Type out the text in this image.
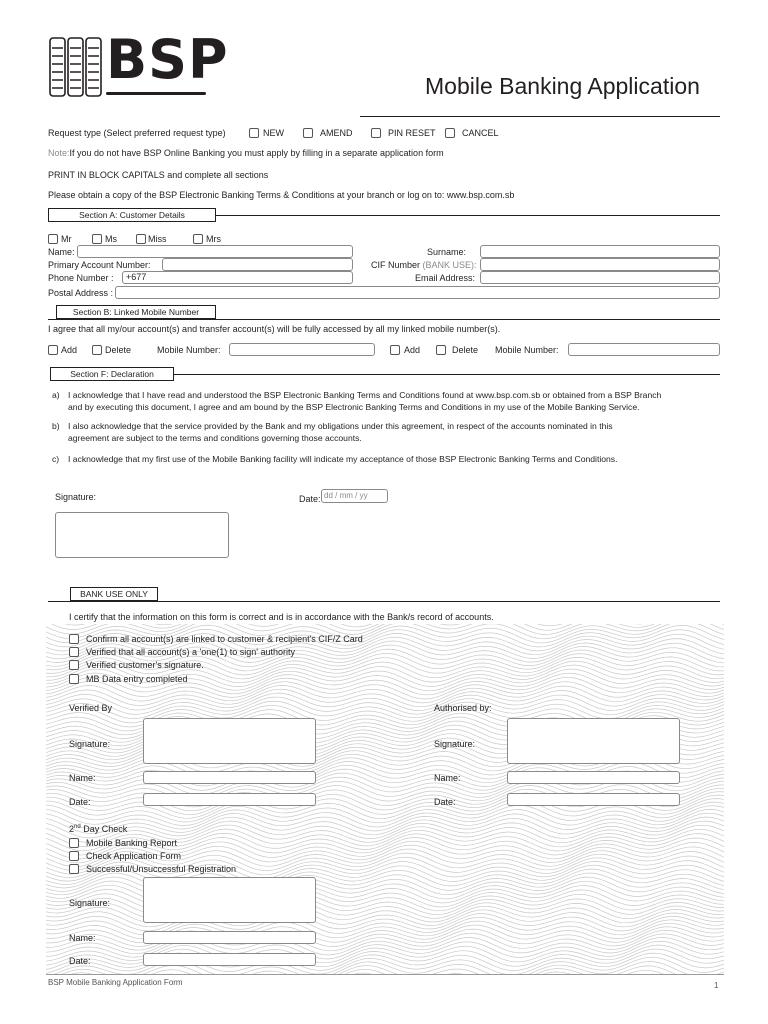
BSP	Mobile Banking Application
Request type (Select preferred request type)	NEW	AMEND	PIN RESET	CANCEL
Note:If you do not have BSP Online Banking you must apply by filling in a separate application form
PRINT IN BLOCK CAPITALS and complete all sections
Please obtain a copy of the BSP Electronic Banking Terms & Conditions at your branch or log on to: www.bsp.com.sb
Section A: Customer Details
Mr	Ms	Miss	Mrs
Name:	Surname:
Primary Account Number:	CIF Number (BANK USE):
Phone Number :	+677	Email Address:
Postal Address :
Section B: Linked Mobile Number
I agree that all my/our account(s) and transfer account(s) will be fully accessed by all my linked mobile number(s).
Add	Delete	Mobile Number:	Add	Delete Mobile Number:
Section F: Declaration
a) I acknowledge that I have read and understood the BSP Electronic Banking Terms and Conditions found at www.bsp.com.sb or obtained from a BSP Branch
and by executing this document, I agree and am bound by the BSP Electronic Banking Terms and Conditions in my use of the Mobile Banking Service.
b) I also acknowledge that the service provided by the Bank and my obligations under this agreement, in respect of the accounts nominated in this
agreement are subject to the terms and conditions governing those accounts.
c) I acknowledge that my first use of the Mobile Banking facility will indicate my acceptance of those BSP Electronic Banking Terms and Conditions.
Signature:	Date: dd / mm / yy
BANK USE ONLY
I certify that the information on this form is correct and is in accordance with the Bank/s record of accounts.
Confirm all account(s) are linked to customer & recipient's CIF/Z Card
Verified that all account(s) a 'one(1) to sign' authority
Verified customer's signature.
MB Data entry completed
Verified By	Authorised by:
Signature:	Signature:
Name:	Name:
Date:	Date:
2nd Day Check
Mobile Banking Report
Check Application Form
Successful/Unsuccessful Registration
Signature:
Name:
Date:
BSP Mobile Banking Application Form	1
